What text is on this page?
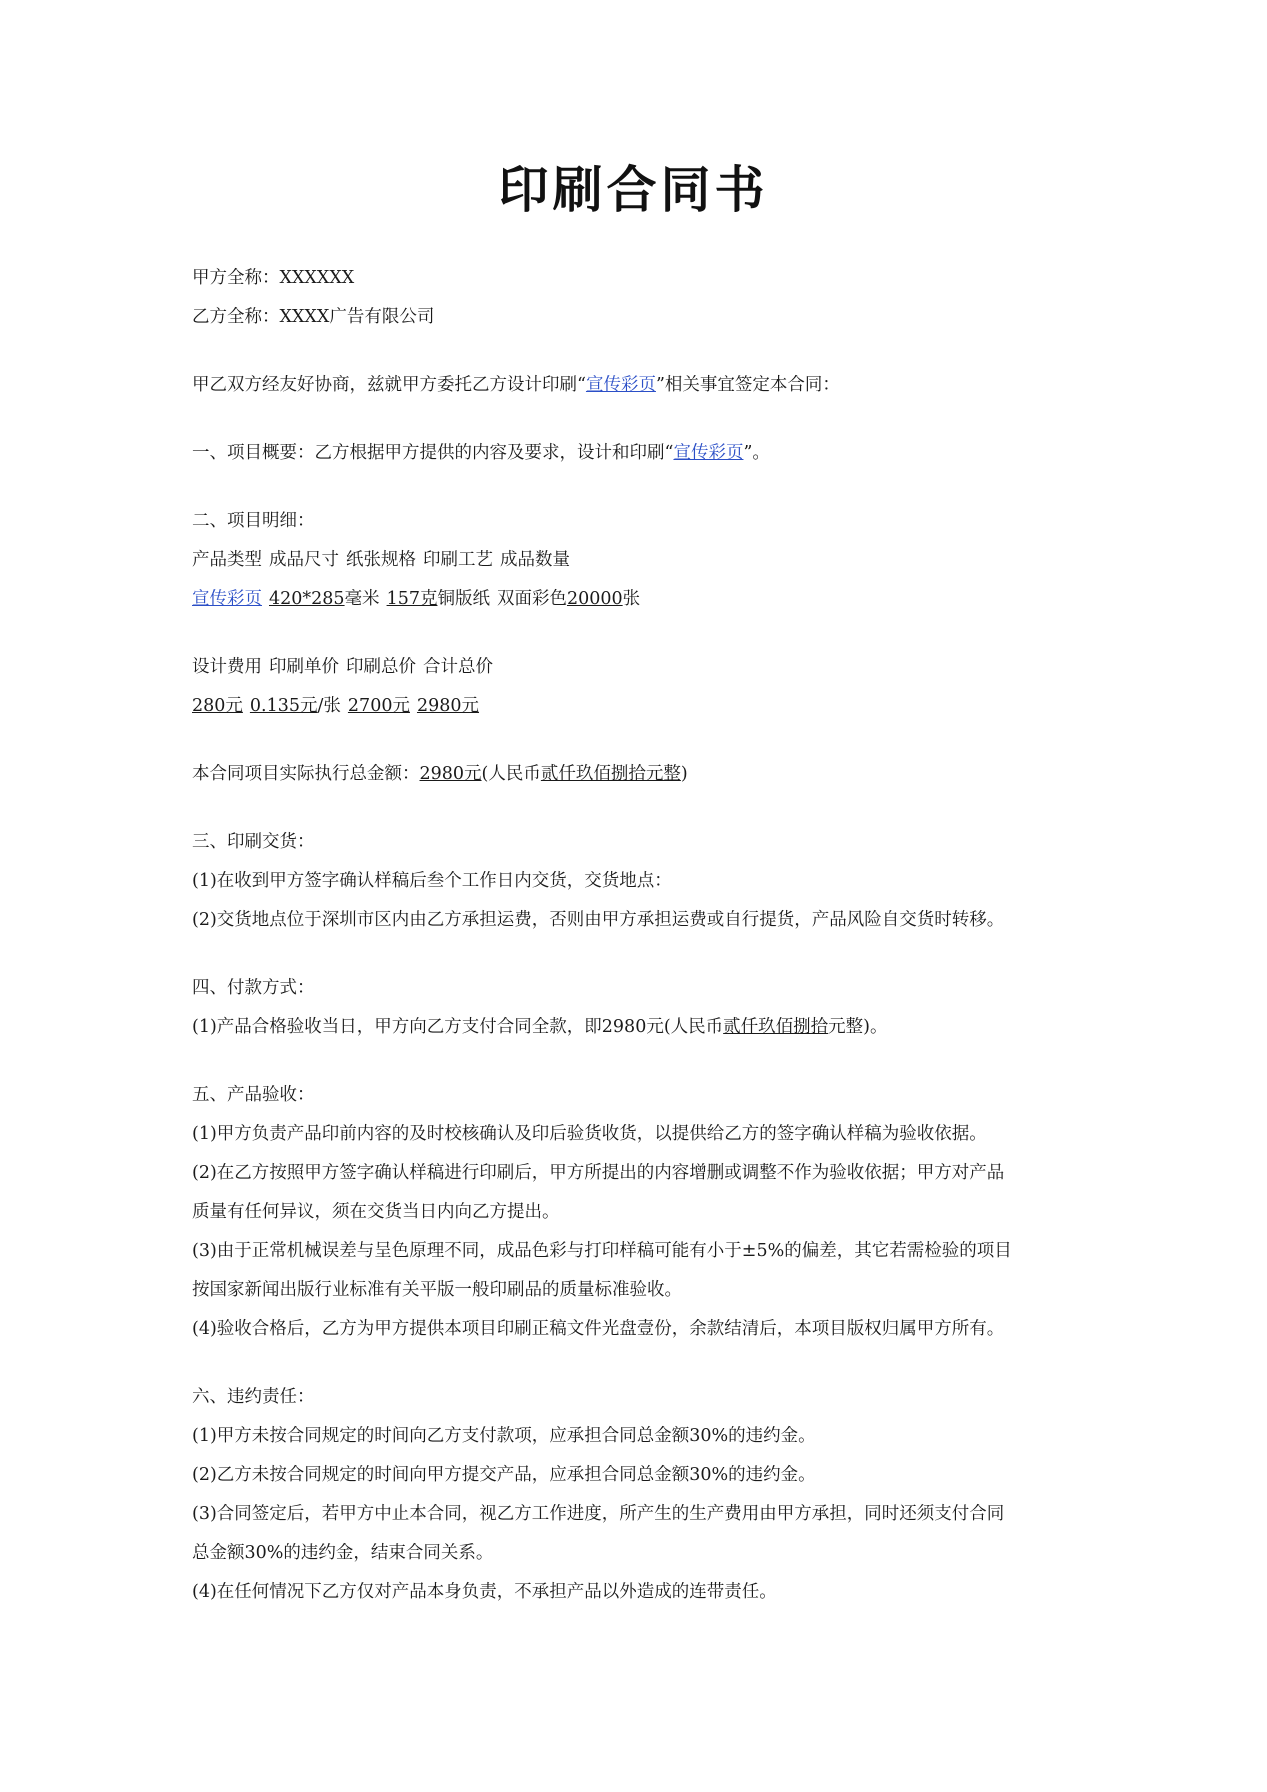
印刷合同书

甲方全称：XXXXXX

乙方全称：XXXX广告有限公司

甲乙双方经友好协商，兹就甲方委托乙方设计印刷“宣传彩页”相关事宜签定本合同：

一、项目概要：乙方根据甲方提供的内容及要求，设计和印刷“宣传彩页”。

二、项目明细：

产品类型 成品尺寸 纸张规格 印刷工艺 成品数量

宣传彩页 420*285毫米 157克铜版纸 双面彩色20000张

设计费用 印刷单价 印刷总价 合计总价

280元 0.135元/张 2700元 2980元

本合同项目实际执行总金额：2980元(人民币贰仟玖佰捌拾元整)

三、印刷交货：

(1)在收到甲方签字确认样稿后叁个工作日内交货，交货地点：

(2)交货地点位于深圳市区内由乙方承担运费，否则由甲方承担运费或自行提货，产品风险自交货时转移。

四、付款方式：

(1)产品合格验收当日，甲方向乙方支付合同全款，即2980元(人民币贰仟玖佰捌拾元整)。

五、产品验收：

(1)甲方负责产品印前内容的及时校核确认及印后验货收货，以提供给乙方的签字确认样稿为验收依据。

(2)在乙方按照甲方签字确认样稿进行印刷后，甲方所提出的内容增删或调整不作为验收依据；甲方对产品

质量有任何异议，须在交货当日内向乙方提出。

(3)由于正常机械误差与呈色原理不同，成品色彩与打印样稿可能有小于±5%的偏差，其它若需检验的项目

按国家新闻出版行业标准有关平版一般印刷品的质量标准验收。

(4)验收合格后，乙方为甲方提供本项目印刷正稿文件光盘壹份，余款结清后，本项目版权归属甲方所有。

六、违约责任：

(1)甲方未按合同规定的时间向乙方支付款项，应承担合同总金额30%的违约金。

(2)乙方未按合同规定的时间向甲方提交产品，应承担合同总金额30%的违约金。

(3)合同签定后，若甲方中止本合同，视乙方工作进度，所产生的生产费用由甲方承担，同时还须支付合同

总金额30%的违约金，结束合同关系。

(4)在任何情况下乙方仅对产品本身负责，不承担产品以外造成的连带责任。
